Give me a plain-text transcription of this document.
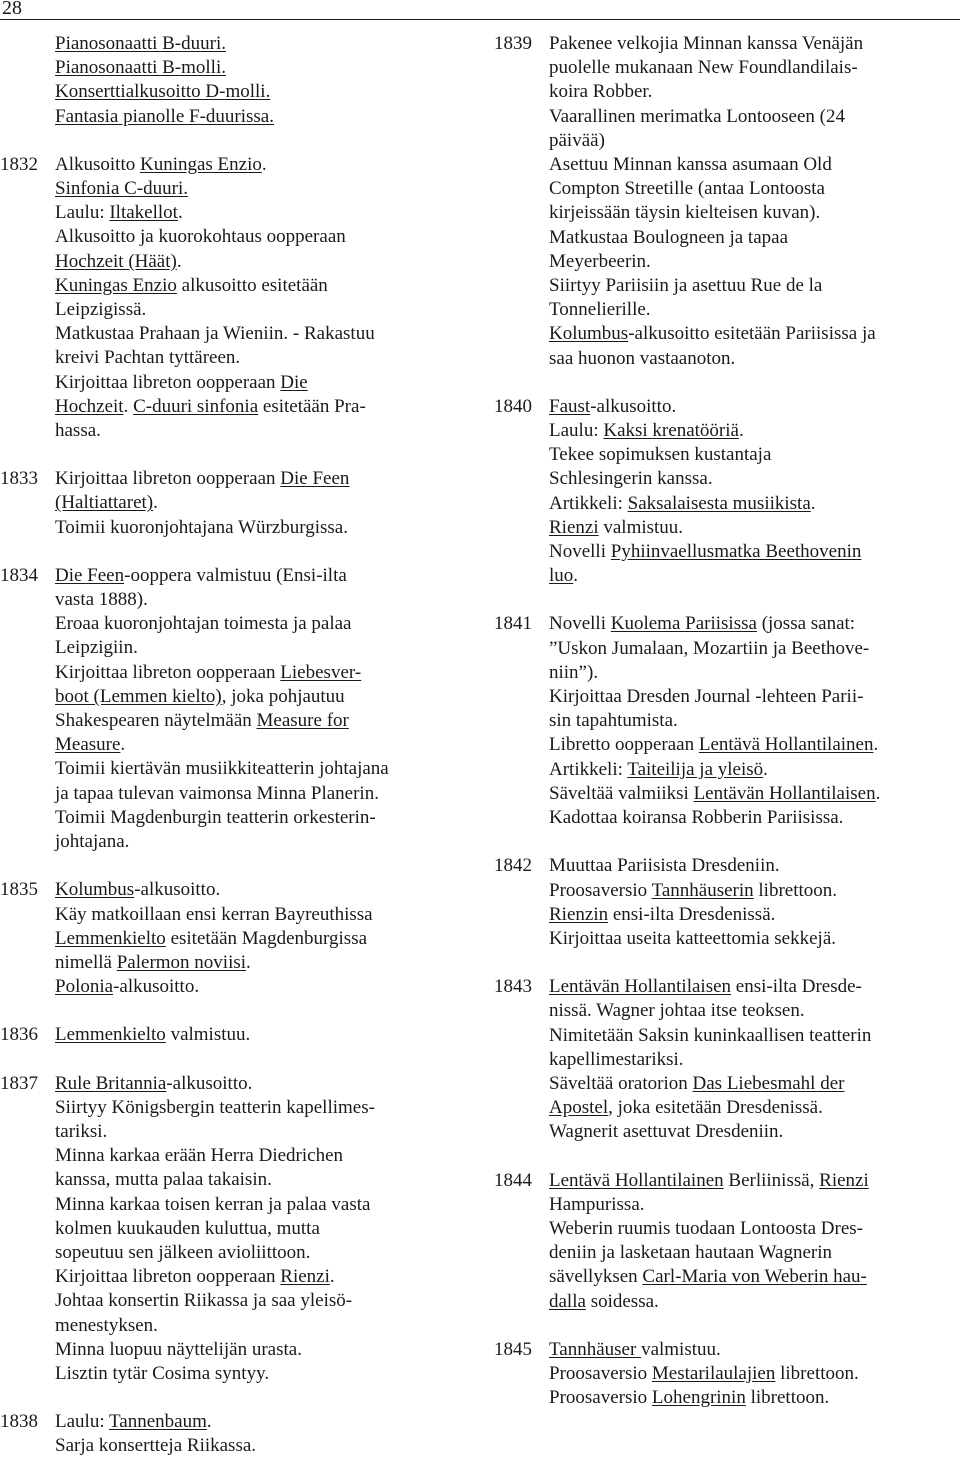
28
Pianosonaatti B-duuri.
Pianosonaatti B-molli.
Konserttialkusoitto D-molli.
Fantasia pianolle F-duurissa.
1832 Alkusoitto Kuningas Enzio.
Sinfonia C-duuri.
Laulu: Iltakellot.
Alkusoitto ja kuorokohtaus oopperaan
Hochzeit (Häät).
Kuningas Enzio alkusoitto esitetään
Leipzigissä.
Matkustaa Prahaan ja Wieniin. - Rakastuu
kreivi Pachtan tyttäreen.
Kirjoittaa libreton oopperaan Die
Hochzeit. C-duuri sinfonia esitetään Pra-
hassa.
1833 Kirjoittaa libreton oopperaan Die Feen
(Haltiattaret).
Toimii kuoronjohtajana Würzburgissa.
1834 Die Feen-ooppera valmistuu (Ensi-ilta
vasta 1888).
Eroaa kuoronjohtajan toimesta ja palaa
Leipzigiin.
Kirjoittaa libreton oopperaan Liebesver-
boot (Lemmen kielto), joka pohjautuu
Shakespearen näytelmään Measure for
Measure.
Toimii kiertävän musiikkiteatterin johtajana
ja tapaa tulevan vaimonsa Minna Planerin.
Toimii Magdenburgin teatterin orkesterin-
johtajana.
1835 Kolumbus-alkusoitto.
Käy matkoillaan ensi kerran Bayreuthissa
Lemmenkielto esitetään Magdenburgissa
nimellä Palermon noviisi.
Polonia-alkusoitto.
1836 Lemmenkielto valmistuu.
1837 Rule Britannia-alkusoitto.
Siirtyy Königsbergin teatterin kapellimes-
tariksi.
Minna karkaa erään Herra Diedrichen
kanssa, mutta palaa takaisin.
Minna karkaa toisen kerran ja palaa vasta
kolmen kuukauden kuluttua, mutta
sopeutuu sen jälkeen avioliittoon.
Kirjoittaa libreton oopperaan Rienzi.
Johtaa konsertin Riikassa ja saa yleisö-
menestyksen.
Minna luopuu näyttelijän urasta.
Lisztin tytär Cosima syntyy.
1838 Laulu: Tannenbaum.
Sarja konsertteja Riikassa.
1839 Pakenee velkojia Minnan kanssa Venäjän
puolelle mukanaan New Foundlandilais-
koira Robber.
Vaarallinen merimatka Lontooseen (24
päivää)
Asettuu Minnan kanssa asumaan Old
Compton Streetille (antaa Lontoosta
kirjeissään täysin kielteisen kuvan).
Matkustaa Boulogneen ja tapaa
Meyerbeerin.
Siirtyy Pariisiin ja asettuu Rue de la
Tonnelierille.
Kolumbus-alkusoitto esitetään Pariisissa ja
saa huonon vastaanoton.
1840 Faust-alkusoitto.
Laulu: Kaksi krenatööriä.
Tekee sopimuksen kustantaja
Schlesingerin kanssa.
Artikkeli: Saksalaisesta musiikista.
Rienzi valmistuu.
Novelli Pyhiinvaellusmatka Beethovenin
luo.
1841 Novelli Kuolema Pariisissa (jossa sanat:
”Uskon Jumalaan, Mozartiin ja Beethove-
niin”).
Kirjoittaa Dresden Journal -lehteen Parii-
sin tapahtumista.
Libretto oopperaan Lentävä Hollantilainen.
Artikkeli: Taiteilija ja yleisö.
Säveltää valmiiksi Lentävän Hollantilaisen.
Kadottaa koiransa Robberin Pariisissa.
1842 Muuttaa Pariisista Dresdeniin.
Proosaversio Tannhäuserin librettoon.
Rienzin ensi-ilta Dresdenissä.
Kirjoittaa useita katteettomia sekkejä.
1843 Lentävän Hollantilaisen ensi-ilta Dresde-
nissä. Wagner johtaa itse teoksen.
Nimitetään Saksin kuninkaallisen teatterin
kapellimestariksi.
Säveltää oratorion Das Liebesmahl der
Apostel, joka esitetään Dresdenissä.
Wagnerit asettuvat Dresdeniin.
1844 Lentävä Hollantilainen Berliinissä, Rienzi
Hampurissa.
Weberin ruumis tuodaan Lontoosta Dres-
deniin ja lasketaan hautaan Wagnerin
sävellyksen Carl-Maria von Weberin hau-
dalla soidessa.
1845 Tannhäuser valmistuu.
Proosaversio Mestarilaulajien librettoon.
Proosaversio Lohengrinin librettoon.
